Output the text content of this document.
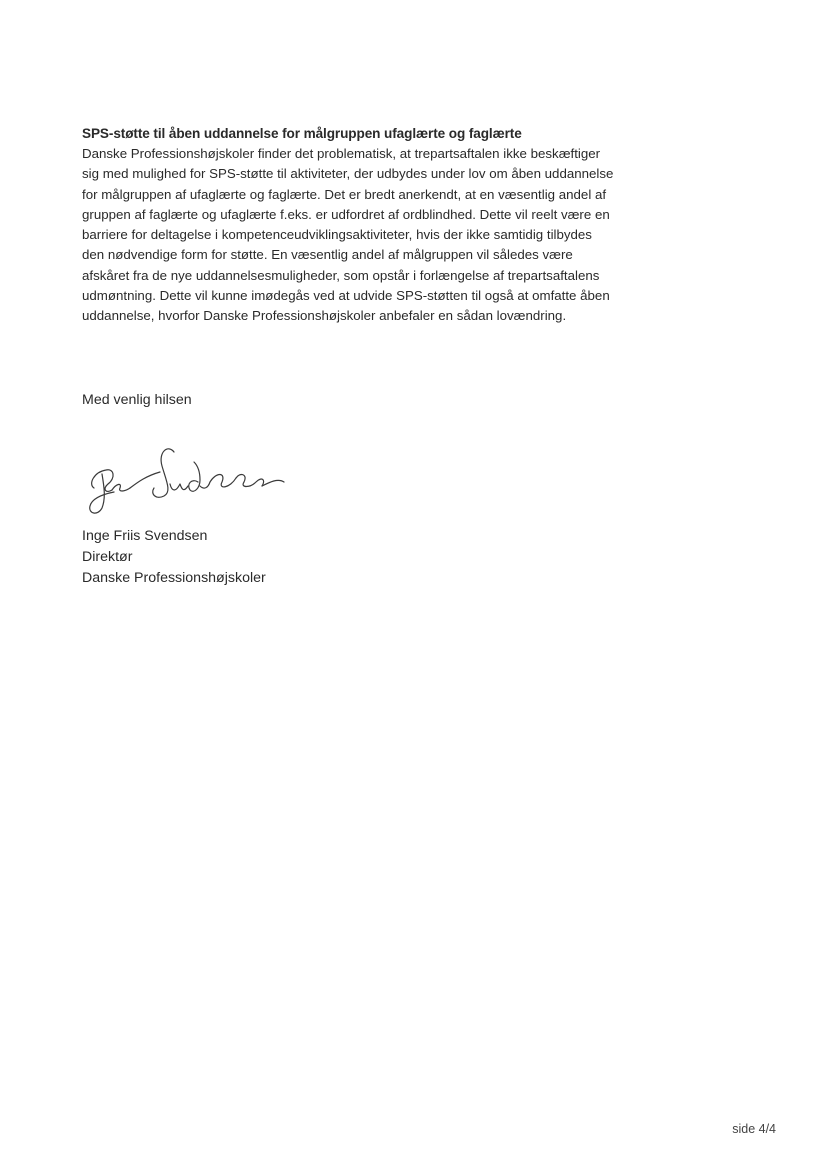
SPS-støtte til åben uddannelse for målgruppen ufaglærte og faglærte

Danske Professionshøjskoler finder det problematisk, at trepartsaftalen ikke beskæftiger
sig med mulighed for SPS-støtte til aktiviteter, der udbydes under lov om åben uddannelse
for målgruppen af ufaglærte og faglærte. Det er bredt anerkendt, at en væsentlig andel af
gruppen af faglærte og ufaglærte f.eks. er udfordret af ordblindhed. Dette vil reelt være en
barriere for deltagelse i kompetenceudviklingsaktiviteter, hvis der ikke samtidig tilbydes
den nødvendige form for støtte. En væsentlig andel af målgruppen vil således være
afskåret fra de nye uddannelsesmuligheder, som opstår i forlængelse af trepartsaftalens
udmøntning. Dette vil kunne imødegås ved at udvide SPS-støtten til også at omfatte åben
uddannelse, hvorfor Danske Professionshøjskoler anbefaler en sådan lovændring.

Med venlig hilsen

Inge Friis Svendsen
Direktør
Danske Professionshøjskoler

side 4/4
